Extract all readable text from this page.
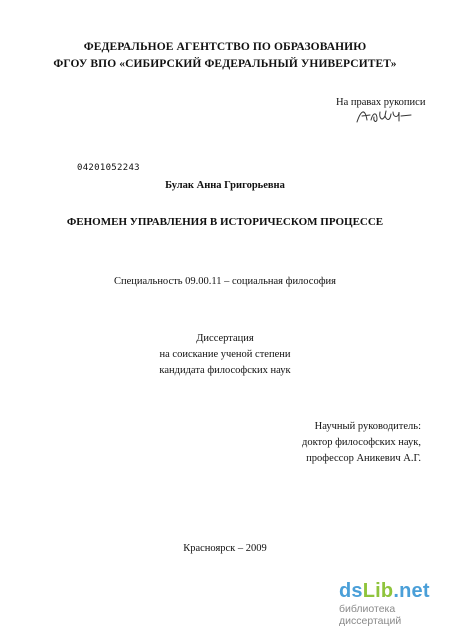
ФЕДЕРАЛЬНОЕ АГЕНТСТВО ПО ОБРАЗОВАНИЮ
ФГОУ ВПО «СИБИРСКИЙ ФЕДЕРАЛЬНЫЙ УНИВЕРСИТЕТ»
На правах рукописи
04201052243
Булак Анна Григорьевна
ФЕНОМЕН УПРАВЛЕНИЯ В ИСТОРИЧЕСКОМ ПРОЦЕССЕ
Специальность 09.00.11 – социальная философия
Диссертация
на соискание ученой степени
кандидата философских наук
Научный руководитель:
доктор философских наук,
профессор Аникевич А.Г.
Красноярск – 2009
dsLib.net
библиотека диссертаций
